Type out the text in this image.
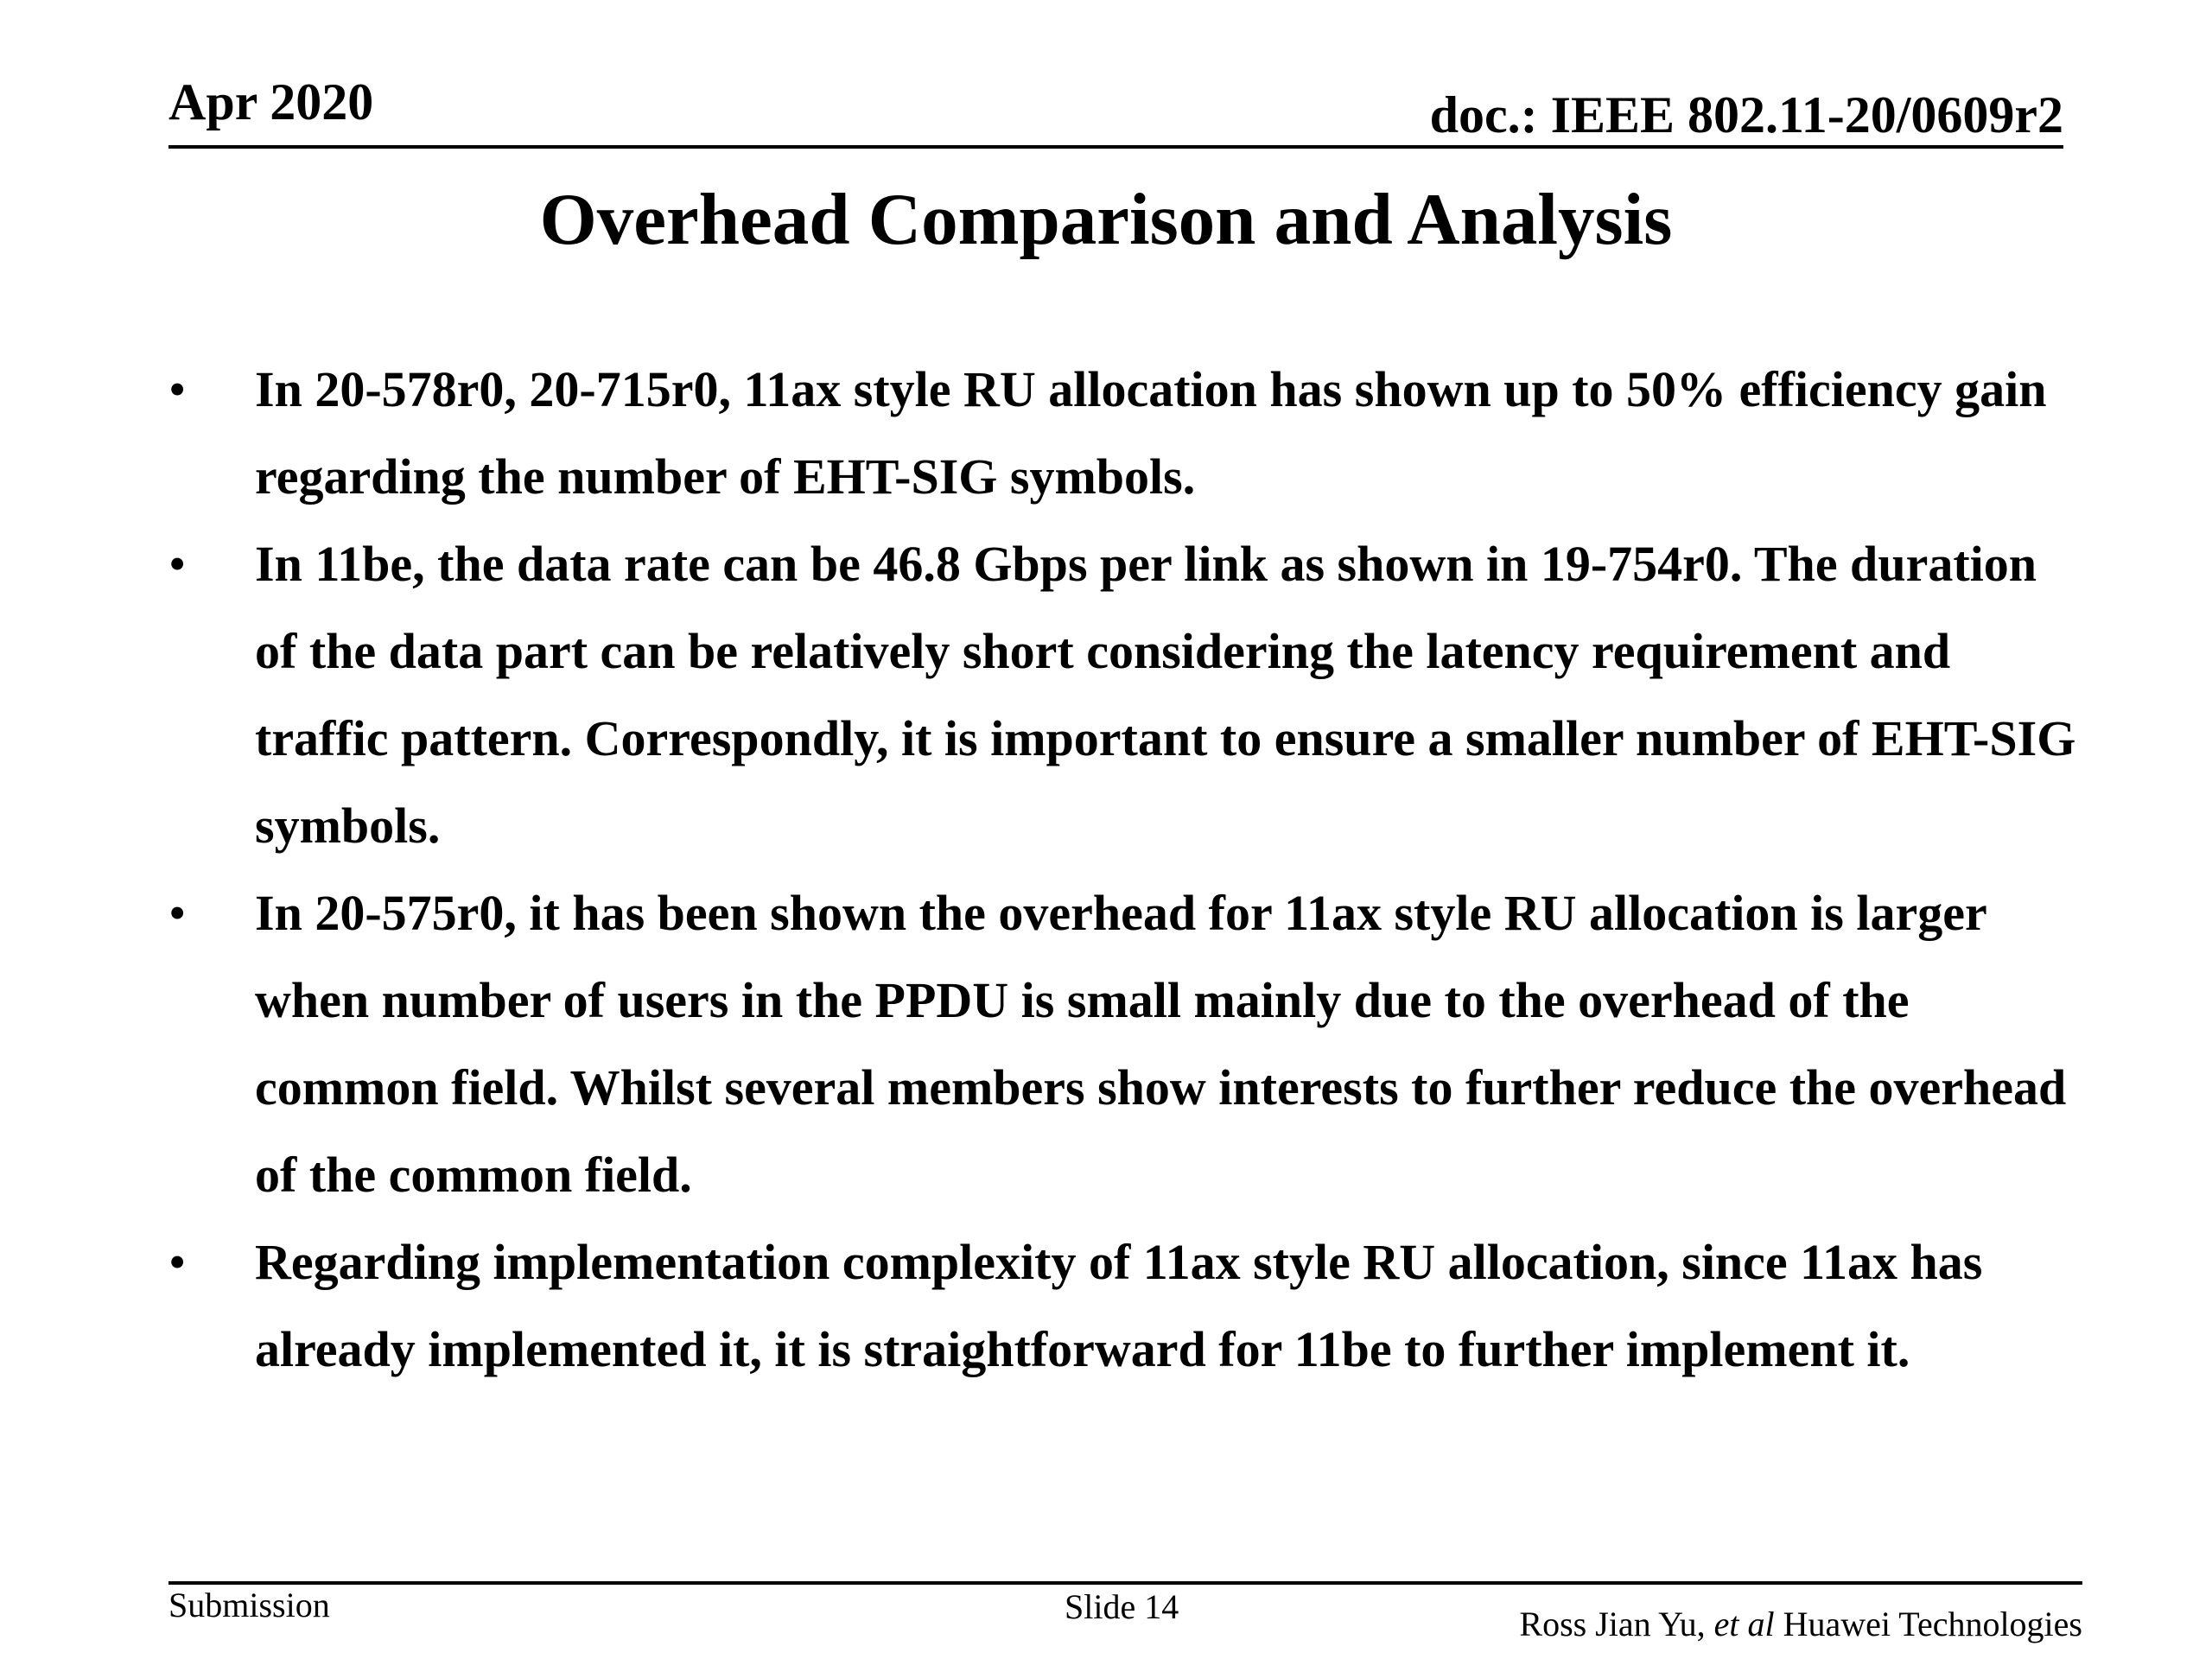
Apr 2020	doc.: IEEE 802.11-20/0609r2
Overhead Comparison and Analysis
• In 20-578r0, 20-715r0, 11ax style RU allocation has shown up to 50% efficiency gain regarding the number of EHT-SIG symbols.
• In 11be, the data rate can be 46.8 Gbps per link as shown in 19-754r0. The duration of the data part can be relatively short considering the latency requirement and traffic pattern. Correspondly, it is important to ensure a smaller number of EHT-SIG symbols.
• In 20-575r0, it has been shown the overhead for 11ax style RU allocation is larger when number of users in the PPDU is small mainly due to the overhead of the common field. Whilst several members show interests to further reduce the overhead of the common field.
• Regarding implementation complexity of 11ax style RU allocation, since 11ax has already implemented it, it is straightforward for 11be to further implement it.
Submission	Slide 14	Ross Jian Yu, et al Huawei Technologies
